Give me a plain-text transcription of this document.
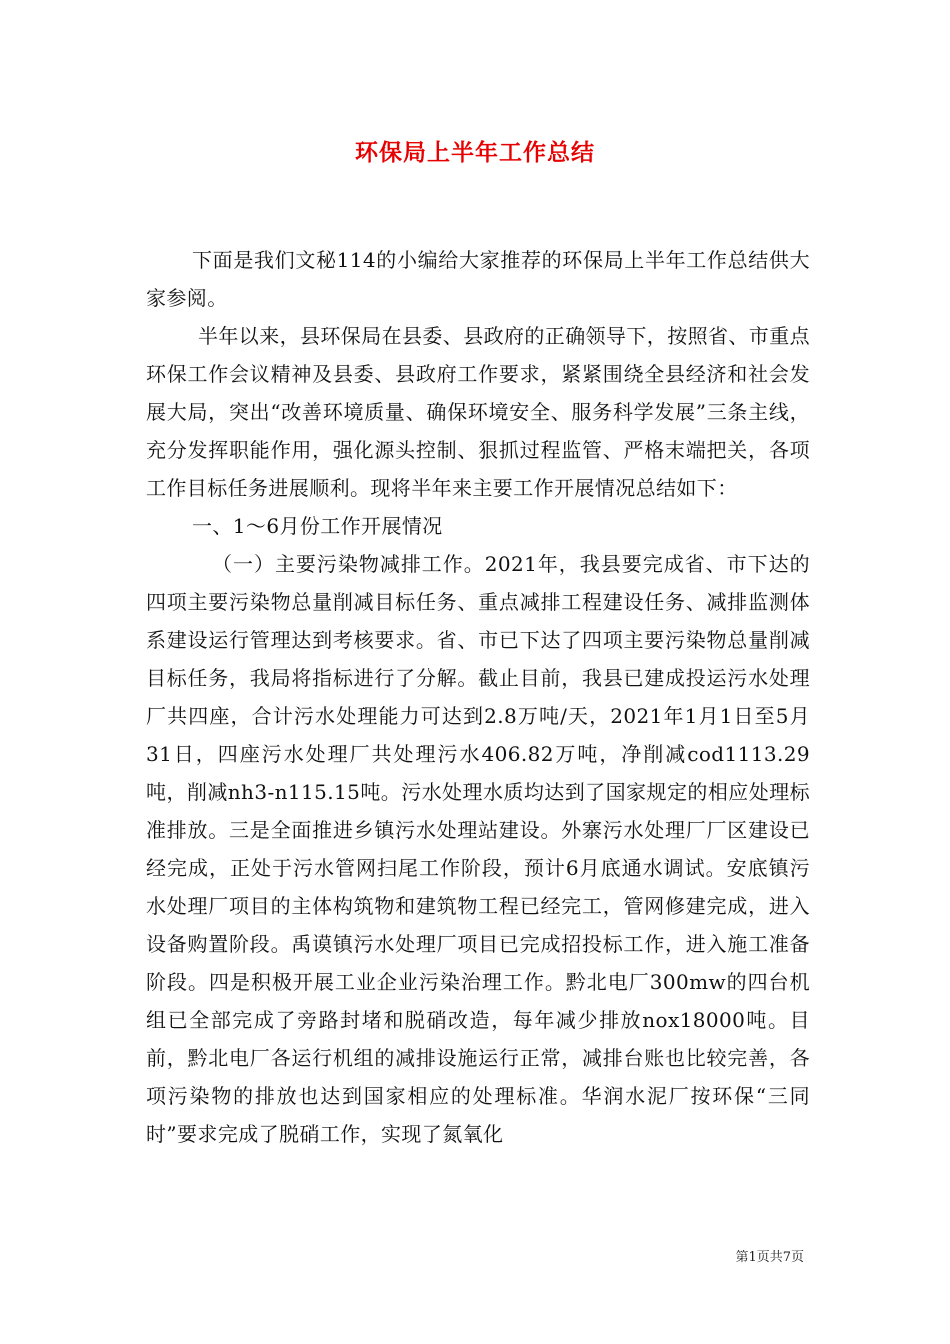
环保局上半年工作总结

下面是我们文秘114的小编给大家推荐的环保局上半年工作总结供大家参阅。

半年以来，县环保局在县委、县政府的正确领导下，按照省、市重点环保工作会议精神及县委、县政府工作要求，紧紧围绕全县经济和社会发展大局，突出“改善环境质量、确保环境安全、服务科学发展”三条主线，充分发挥职能作用，强化源头控制、狠抓过程监管、严格末端把关，各项工作目标任务进展顺利。现将半年来主要工作开展情况总结如下：

一、1～6月份工作开展情况

（一）主要污染物减排工作。2021年，我县要完成省、市下达的四项主要污染物总量削减目标任务、重点减排工程建设任务、减排监测体系建设运行管理达到考核要求。省、市已下达了四项主要污染物总量削减目标任务，我局将指标进行了分解。截止目前，我县已建成投运污水处理厂共四座，合计污水处理能力可达到2.8万吨/天，2021年1月1日至5月31日，四座污水处理厂共处理污水406.82万吨，净削减cod1113.29吨，削减nh3-n115.15吨。污水处理水质均达到了国家规定的相应处理标准排放。三是全面推进乡镇污水处理站建设。外寨污水处理厂厂区建设已经完成，正处于污水管网扫尾工作阶段，预计6月底通水调试。安底镇污水处理厂项目的主体构筑物和建筑物工程已经完工，管网修建完成，进入设备购置阶段。禹谟镇污水处理厂项目已完成招投标工作，进入施工准备阶段。四是积极开展工业企业污染治理工作。黔北电厂300mw的四台机组已全部完成了旁路封堵和脱硝改造，每年减少排放nox18000吨。目前，黔北电厂各运行机组的减排设施运行正常，减排台账也比较完善，各项污染物的排放也达到国家相应的处理标准。华润水泥厂按环保“三同时”要求完成了脱硝工作，实现了氮氧化

第1页共7页
